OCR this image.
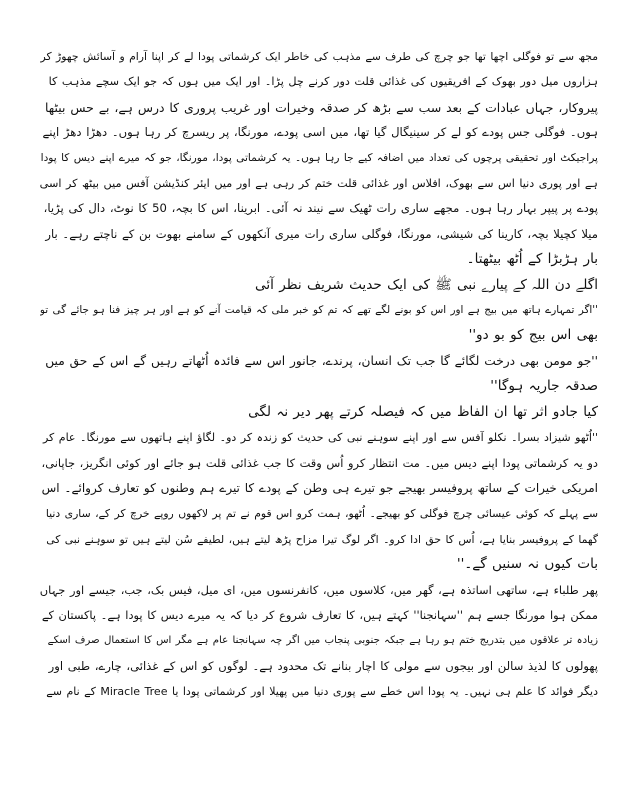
مجھ سے تو فوگلی اچھا تھا جو چرچ کی طرف سے مذہب کی خاطر ایک کرشماتی پودا لے کر اپنا آرام و آسائش چھوڑ کر
ہزاروں میل دور بھوک کے افریقیوں کی غذائی قلت دور کرنے چل پڑا۔ اور ایک میں ہوں کہ جو ایک سچے مذہب کا
پیروکار، جہاں عبادات کے بعد سب سے بڑھ کر صدقہ وخیرات اور غریب پروری کا درس ہے، بے حس بیٹھا
ہوں۔ فوگلی جس پودے کو لے کر سینیگال گیا تھا، میں اسی پودے، مورنگا، پر ریسرچ کر رہا ہوں۔ دھڑا دھڑ اپنے
پراجیکٹ اور تحقیقی پرچوں کی تعداد میں اضافہ کیے جا رہا ہوں۔ یہ کرشماتی پودا، مورنگا، جو کہ میرے اپنے دیس کا پودا
ہے اور پوری دنیا اس سے بھوک، افلاس اور غذائی قلت ختم کر رہی ہے اور میں ایئر کنڈیشن آفس میں بیٹھ کر اسی
پودے پر پیپر بہار رہا ہوں۔ مجھے ساری رات ٹھیک سے نیند نہ آئی۔ ابرینا، اس کا بچہ، 50 کا نوٹ، دال کی پڑیا،
میلا کچیلا بچہ، کارینا کی شیشی، مورنگا، فوگلی ساری رات میری آنکھوں کے سامنے بھوت بن کے ناچتے رہے۔ بار
بار ہڑبڑا کے اُٹھ بیٹھتا۔
اگلے دن اللہ کے پیارے نبی ﷺ کی ایک حدیث شریف نظر آئی
''اگر تمہارے ہاتھ میں بیج ہے اور اس کو بونے لگے تھے کہ تم کو خبر ملی کہ قیامت آنے کو ہے اور ہر چیز فنا ہو جائے گی تو
بھی اس بیج کو بو دو''
''جو مومن بھی درخت لگائے گا جب تک انسان، پرندے، جانور اس سے فائدہ اُٹھاتے رہیں گے اس کے حق میں
صدقہ جاریہ ہوگا''
کیا جادو اثر تھا ان الفاظ میں کہ فیصلہ کرتے پھر دیر نہ لگی
''اُٹھو شیزاد بسرا۔ نکلو آفس سے اور اپنے سوہنے نبی کی حدیث کو زندہ کر دو۔ لگاؤ اپنے ہاتھوں سے مورنگا۔ عام کر
دو یہ کرشماتی پودا اپنے دیس میں۔ مت انتظار کرو اُس وقت کا جب غذائی قلت ہو جائے اور کوئی انگریز، جاپانی،
امریکی خیرات کے ساتھ پروفیسر بھیجے جو تیرے ہی وطن کے پودے کا تیرے ہم وطنوں کو تعارف کروائے۔ اس
سے پہلے کہ کوئی عیسائی چرچ فوگلی کو بھیجے۔ اُٹھو، ہمت کرو اس قوم نے تم پر لاکھوں روپے خرچ کر کے، ساری دنیا
گھما کے پروفیسر بنایا ہے، اُس کا حق ادا کرو۔ اگر لوگ تیرا مزاح پڑھ لیتے ہیں، لطیفے سُن لیتے ہیں تو سوہنے نبی کی
بات کیوں نہ سنیں گے۔''
پھر طلباء ہے، ساتھی اساتذہ ہے، گھر میں، کلاسوں میں، کانفرنسوں میں، ای میل، فیس بک، جب، جیسے اور جہاں
ممکن ہوا مورنگا جسے ہم ''سہانجنا'' کہتے ہیں، کا تعارف شروع کر دیا کہ یہ میرے دیس کا پودا ہے۔ پاکستان کے
زیادہ تر علاقوں میں بتدریج ختم ہو رہا ہے جبکہ جنوبی پنجاب میں اگر چہ سہانجنا عام ہے مگر اس کا استعمال صرف اسکے
پھولوں کا لذیذ سالن اور بیجوں سے مولی کا اچار بنانے تک محدود ہے۔ لوگوں کو اس کے غذائی، چارے، طبی اور
دیگر فوائد کا علم ہی نہیں۔ یہ پودا اس خطے سے پوری دنیا میں پھیلا اور کرشماتی پودا یا Miracle Tree کے نام سے
